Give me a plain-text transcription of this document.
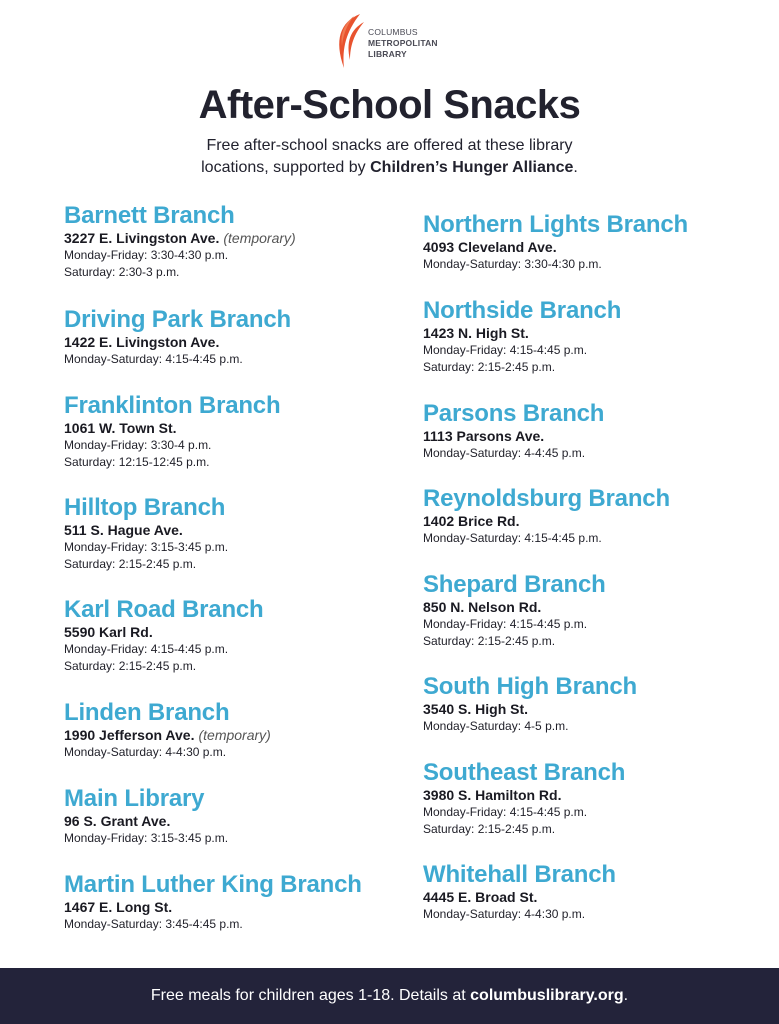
COLUMBUS
METROPOLITAN
LIBRARY
After-School Snacks
Free after-school snacks are offered at these library
locations, supported by Children’s Hunger Alliance.
Barnett Branch
3227 E. Livingston Ave. (temporary)
Monday-Friday: 3:30-4:30 p.m.
Saturday: 2:30-3 p.m.
Driving Park Branch
1422 E. Livingston Ave.
Monday-Saturday: 4:15-4:45 p.m.
Franklinton Branch
1061 W. Town St.
Monday-Friday: 3:30-4 p.m.
Saturday: 12:15-12:45 p.m.
Hilltop Branch
511 S. Hague Ave.
Monday-Friday: 3:15-3:45 p.m.
Saturday: 2:15-2:45 p.m.
Karl Road Branch
5590 Karl Rd.
Monday-Friday: 4:15-4:45 p.m.
Saturday: 2:15-2:45 p.m.
Linden Branch
1990 Jefferson Ave. (temporary)
Monday-Saturday: 4-4:30 p.m.
Main Library
96 S. Grant Ave.
Monday-Friday: 3:15-3:45 p.m.
Martin Luther King Branch
1467 E. Long St.
Monday-Saturday: 3:45-4:45 p.m.
Northern Lights Branch
4093 Cleveland Ave.
Monday-Saturday: 3:30-4:30 p.m.
Northside Branch
1423 N. High St.
Monday-Friday: 4:15-4:45 p.m.
Saturday: 2:15-2:45 p.m.
Parsons Branch
1113 Parsons Ave.
Monday-Saturday: 4-4:45 p.m.
Reynoldsburg Branch
1402 Brice Rd.
Monday-Saturday: 4:15-4:45 p.m.
Shepard Branch
850 N. Nelson Rd.
Monday-Friday: 4:15-4:45 p.m.
Saturday: 2:15-2:45 p.m.
South High Branch
3540 S. High St.
Monday-Saturday: 4-5 p.m.
Southeast Branch
3980 S. Hamilton Rd.
Monday-Friday: 4:15-4:45 p.m.
Saturday: 2:15-2:45 p.m.
Whitehall Branch
4445 E. Broad St.
Monday-Saturday: 4-4:30 p.m.
Free meals for children ages 1-18. Details at columbuslibrary.org.
